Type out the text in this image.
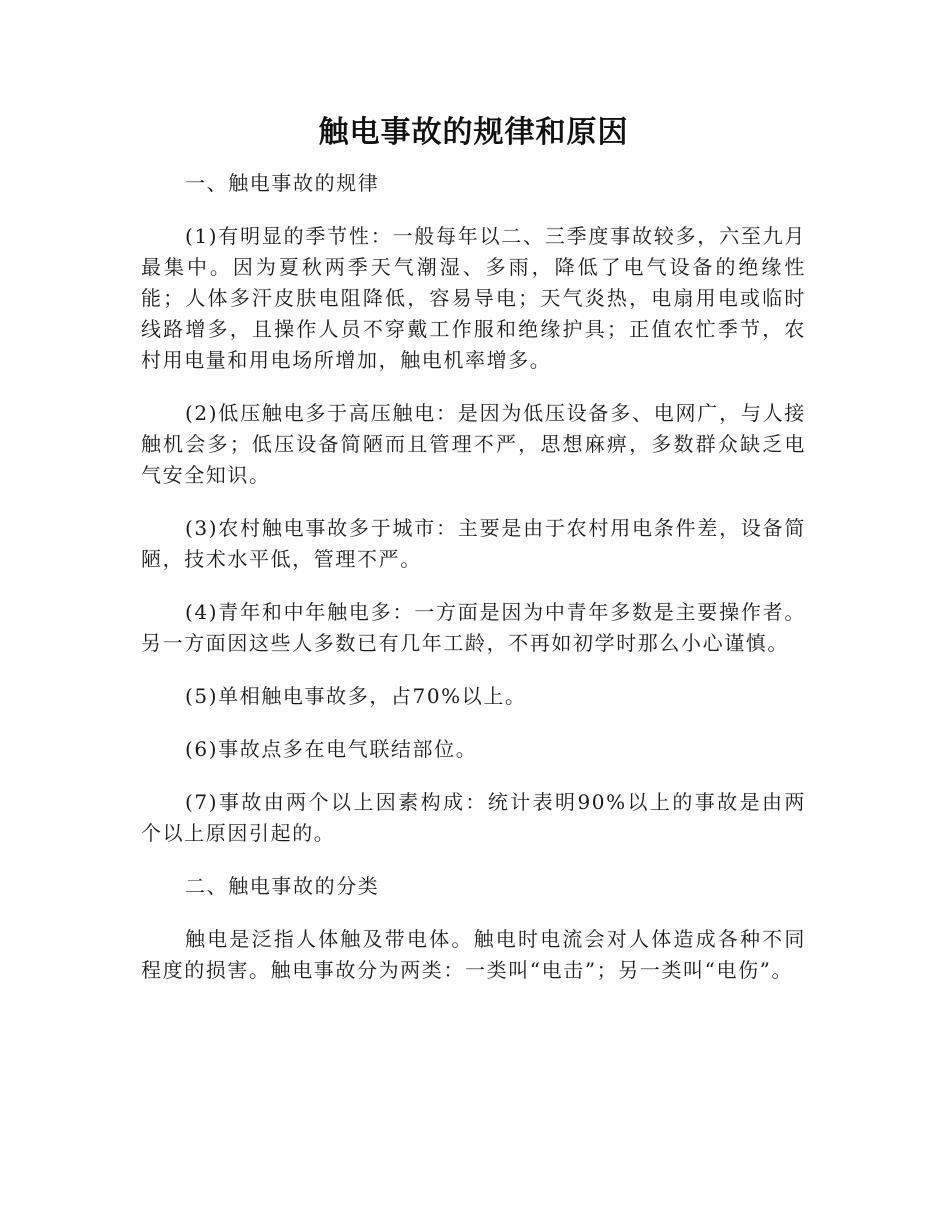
触电事故的规律和原因

一、触电事故的规律

(1)有明显的季节性：一般每年以二、三季度事故较多，六至九月最集中。因为夏秋两季天气潮湿、多雨，降低了电气设备的绝缘性能；人体多汗皮肤电阻降低，容易导电；天气炎热，电扇用电或临时线路增多，且操作人员不穿戴工作服和绝缘护具；正值农忙季节，农村用电量和用电场所增加，触电机率增多。

(2)低压触电多于高压触电：是因为低压设备多、电网广，与人接触机会多；低压设备简陋而且管理不严，思想麻痹，多数群众缺乏电气安全知识。

(3)农村触电事故多于城市：主要是由于农村用电条件差，设备简陋，技术水平低，管理不严。

(4)青年和中年触电多：一方面是因为中青年多数是主要操作者。另一方面因这些人多数已有几年工龄，不再如初学时那么小心谨慎。

(5)单相触电事故多，占70%以上。

(6)事故点多在电气联结部位。

(7)事故由两个以上因素构成：统计表明90%以上的事故是由两个以上原因引起的。

二、触电事故的分类

触电是泛指人体触及带电体。触电时电流会对人体造成各种不同程度的损害。触电事故分为两类：一类叫“电击”；另一类叫“电伤”。
